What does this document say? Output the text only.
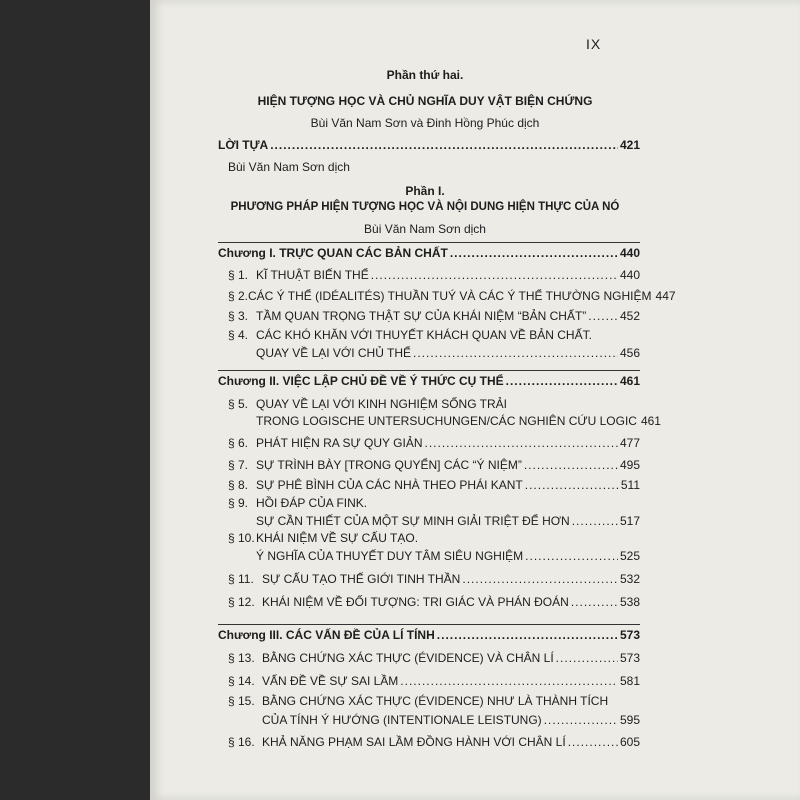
IX
Phần thứ hai.
HIỆN TƯỢNG HỌC VÀ CHỦ NGHĨA DUY VẬT BIỆN CHỨNG
Bùi Văn Nam Sơn và Đinh Hồng Phúc dịch
LỜI TỰA .....	421
Bùi Văn Nam Sơn dịch
Phần I.
PHƯƠNG PHÁP HIỆN TƯỢNG HỌC VÀ NỘI DUNG HIỆN THỰC CỦA NÓ
Bùi Văn Nam Sơn dịch
Chương I. TRỰC QUAN CÁC BẢN CHẤT .....	440
§ 1. KĨ THUẬT BIẾN THỂ .....	440
§ 2. CÁC Ý THỂ (IDÉALITÉS) THUẦN TUÝ VÀ CÁC Ý THỂ THƯỜNG NGHIỆM 447
§ 3. TẦM QUAN TRỌNG THẬT SỰ CỦA KHÁI NIỆM “BẢN CHẤT” .....	452
§ 4. CÁC KHÓ KHĂN VỚI THUYẾT KHÁCH QUAN VỀ BẢN CHẤT.
QUAY VỀ LẠI VỚI CHỦ THỂ .....	456
Chương II. VIỆC LẬP CHỦ ĐỀ VỀ Ý THỨC CỤ THỂ .....	461
§ 5. QUAY VỀ LẠI VỚI KINH NGHIỆM SỐNG TRẢI
TRONG LOGISCHE UNTERSUCHUNGEN/CÁC NGHIÊN CỨU LOGIC 461
§ 6. PHÁT HIỆN RA SỰ QUY GIẢN .....	477
§ 7. SỰ TRÌNH BÀY [TRONG QUYỂN] CÁC “Ý NIỆM” .....	495
§ 8. SỰ PHÊ BÌNH CỦA CÁC NHÀ THEO PHÁI KANT .....	511
§ 9. HỒI ĐÁP CỦA FINK.
SỰ CẦN THIẾT CỦA MỘT SỰ MINH GIẢI TRIỆT ĐỂ HƠN .....	517
§ 10.KHÁI NIỆM VỀ SỰ CẤU TẠO.
Ý NGHĨA CỦA THUYẾT DUY TÂM SIÊU NGHIỆM .....	525
§ 11. SỰ CẤU TẠO THẾ GIỚI TINH THẦN .....	532
§ 12. KHÁI NIỆM VỀ ĐỐI TƯỢNG: TRI GIÁC VÀ PHÁN ĐOÁN .....	538
Chương III. CÁC VẤN ĐỀ CỦA LÍ TÍNH .....	573
§ 13. BẰNG CHỨNG XÁC THỰC (ÉVIDENCE) VÀ CHÂN LÍ .....	573
§ 14. VẤN ĐỀ VỀ SỰ SAI LẦM .....	581
§ 15. BẰNG CHỨNG XÁC THỰC (ÉVIDENCE) NHƯ LÀ THÀNH TÍCH
CỦA TÍNH Ý HƯỚNG (INTENTIONALE LEISTUNG) .....	595
§ 16. KHẢ NĂNG PHẠM SAI LẦM ĐỒNG HÀNH VỚI CHÂN LÍ .....	605
